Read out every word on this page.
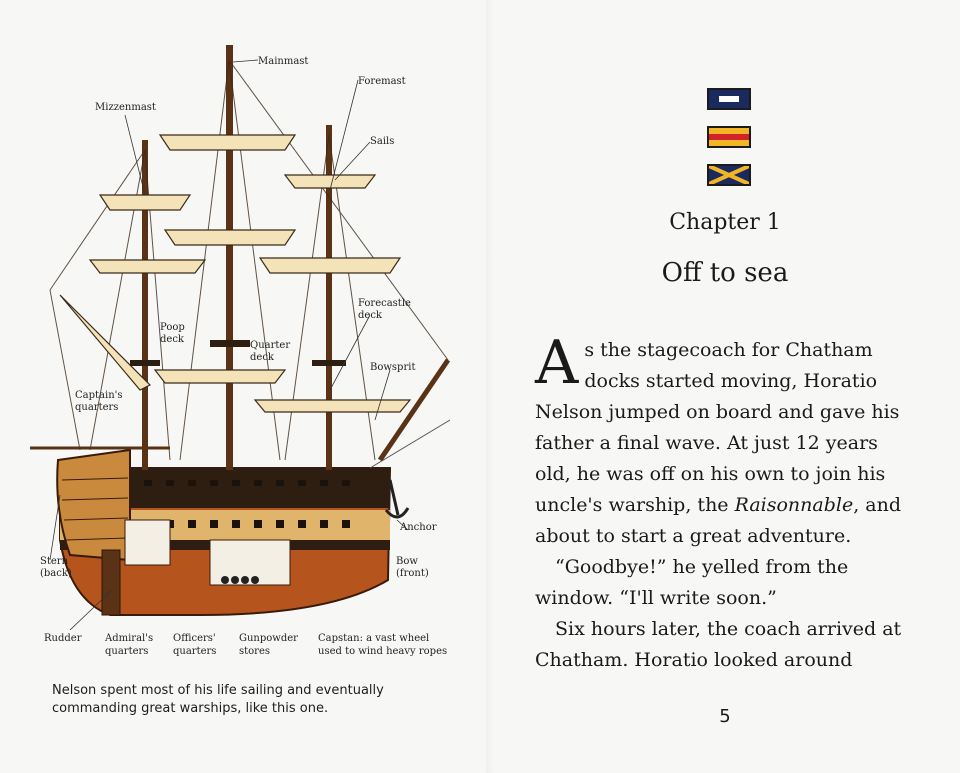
Mainmast
Foremast
Mizzenmast
Sails
Forecastle deck
Poop deck
Quarter deck
Bowsprit
Captain's quarters
Anchor
Stern (back)
Bow (front)
Rudder Admiral's quarters
Officers' quarters
Gunpowder stores
Capstan: a vast wheel used to wind heavy ropes
Nelson spent most of his life sailing and eventually
commanding great warships, like this one.
Chapter 1
Off to sea
A s the stagecoach for Chatham
docks started moving, Horatio
Nelson jumped on board and gave his
father a final wave. At just 12 years
old, he was off on his own to join his
uncle's warship, the Raisonnable, and
about to start a great adventure.
“Goodbye!” he yelled from the
window. “I'll write soon.”
Six hours later, the coach arrived at
Chatham. Horatio looked around
5
